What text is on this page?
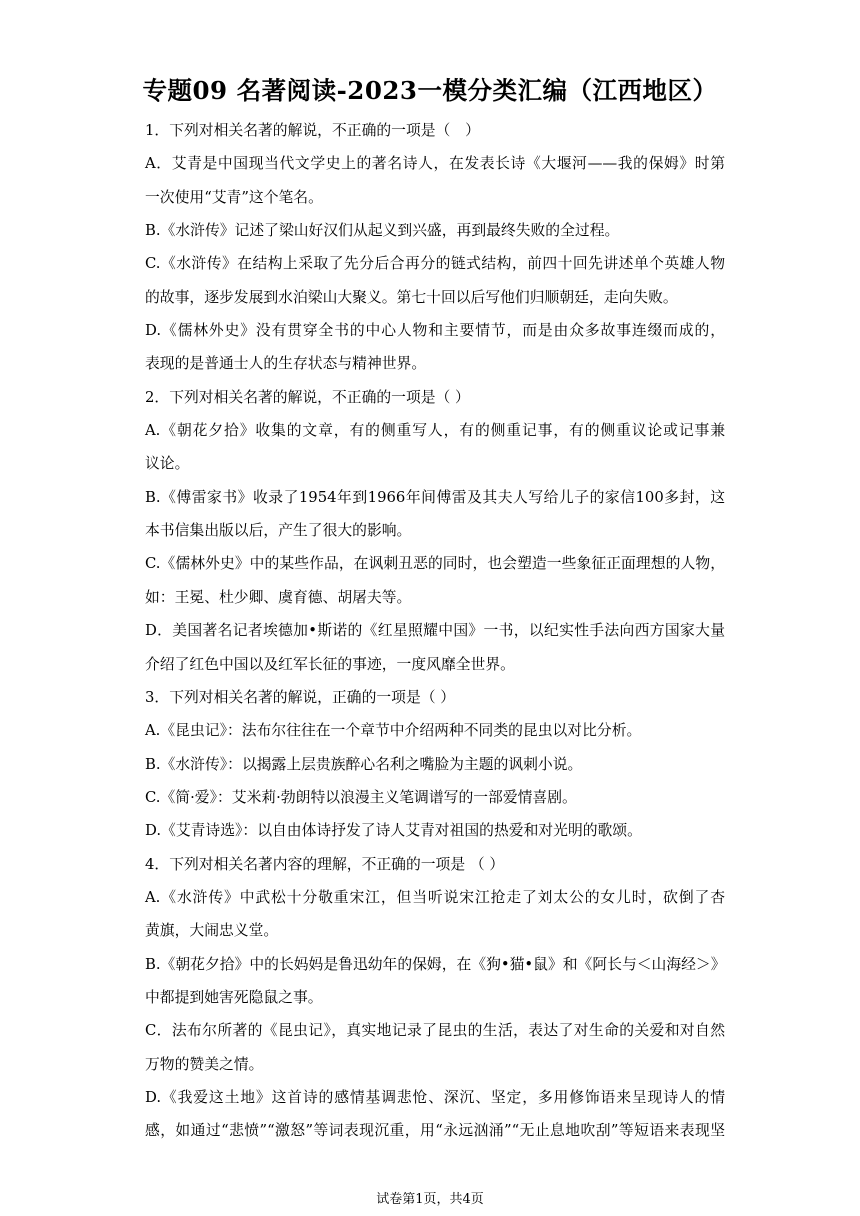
专题09 名著阅读-2023一模分类汇编（江西地区）
1．下列对相关名著的解说，不正确的一项是（　）
A．艾青是中国现当代文学史上的著名诗人，在发表长诗《大堰河——我的保姆》时第
一次使用“艾青”这个笔名。
B.《水浒传》记述了梁山好汉们从起义到兴盛，再到最终失败的全过程。
C.《水浒传》在结构上采取了先分后合再分的链式结构，前四十回先讲述单个英雄人物
的故事，逐步发展到水泊梁山大聚义。第七十回以后写他们归顺朝廷，走向失败。
D.《儒林外史》没有贯穿全书的中心人物和主要情节，而是由众多故事连缀而成的，
表现的是普通士人的生存状态与精神世界。
2．下列对相关名著的解说，不正确的一项是（ ）
A.《朝花夕拾》收集的文章，有的侧重写人，有的侧重记事，有的侧重议论或记事兼
议论。
B.《傅雷家书》收录了1954年到1966年间傅雷及其夫人写给儿子的家信100多封，这
本书信集出版以后，产生了很大的影响。
C.《儒林外史》中的某些作品，在讽刺丑恶的同时，也会塑造一些象征正面理想的人物，
如：王冕、杜少卿、虞育德、胡屠夫等。
D．美国著名记者埃德加•斯诺的《红星照耀中国》一书，以纪实性手法向西方国家大量
介绍了红色中国以及红军长征的事迹，一度风靡全世界。
3．下列对相关名著的解说，正确的一项是（ ）
A.《昆虫记》：法布尔往往在一个章节中介绍两种不同类的昆虫以对比分析。
B.《水浒传》：以揭露上层贵族醉心名利之嘴脸为主题的讽刺小说。
C.《简·爱》：艾米莉·勃朗特以浪漫主义笔调谱写的一部爱情喜剧。
D.《艾青诗选》：以自由体诗抒发了诗人艾青对祖国的热爱和对光明的歌颂。
4．下列对相关名著内容的理解，不正确的一项是 （ ）
A.《水浒传》中武松十分敬重宋江，但当听说宋江抢走了刘太公的女儿时，砍倒了杏
黄旗，大闹忠义堂。
B.《朝花夕拾》中的长妈妈是鲁迅幼年的保姆，在《狗•猫•鼠》和《阿长与＜山海经＞》
中都提到她害死隐鼠之事。
C．法布尔所著的《昆虫记》，真实地记录了昆虫的生活，表达了对生命的关爱和对自然
万物的赞美之情。
D.《我爱这土地》这首诗的感情基调悲怆、深沉、坚定，多用修饰语来呈现诗人的情
感，如通过“悲愤”“激怒”等词表现沉重，用“永远汹涌”“无止息地吹刮”等短语来表现坚
试卷第1页，共4页
